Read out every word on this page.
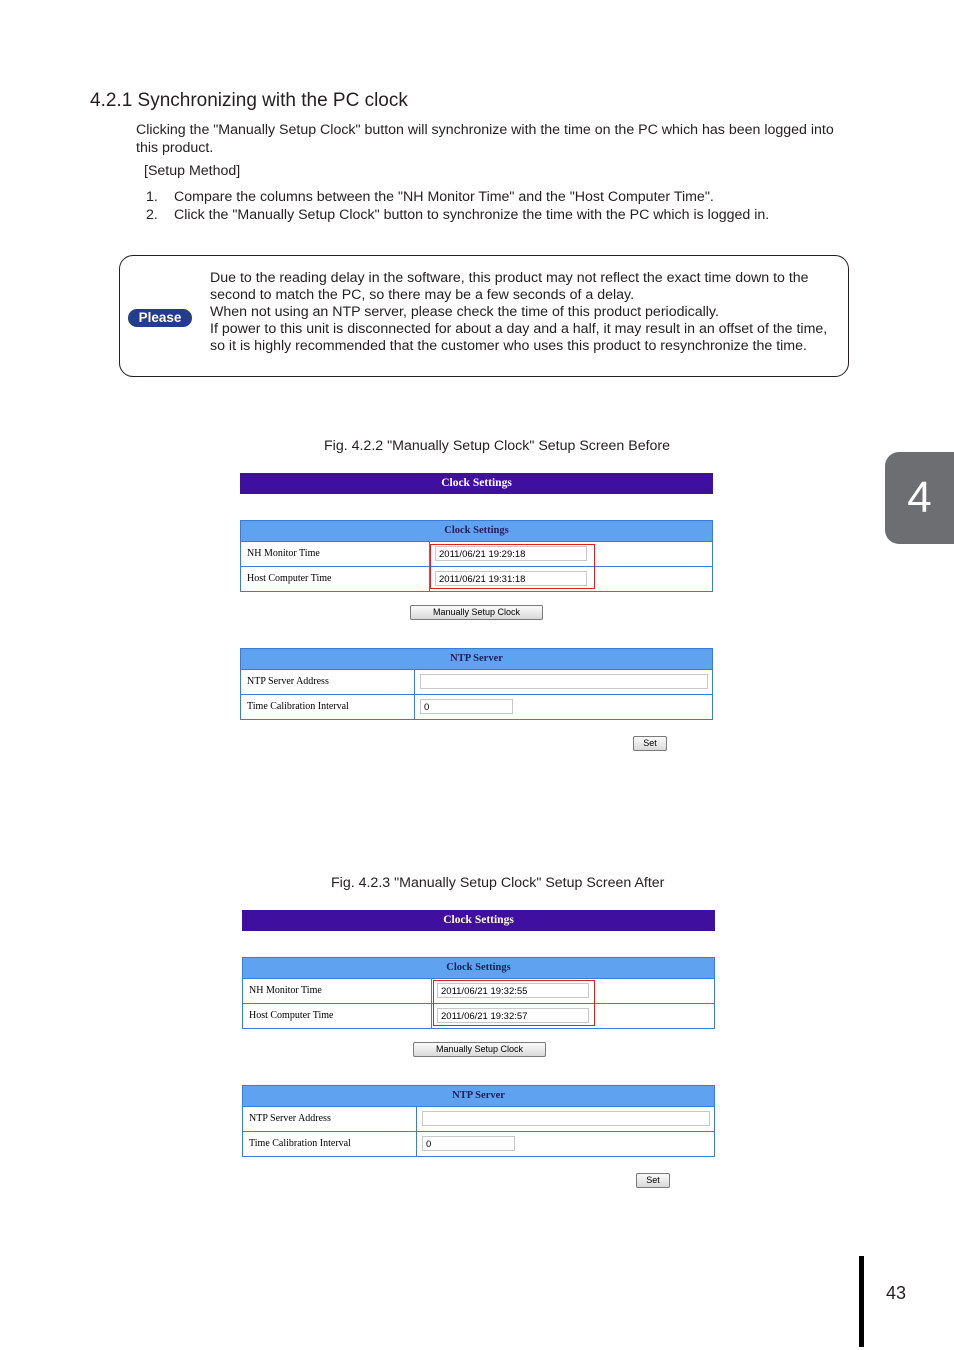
4.2.1 Synchronizing with the PC clock
Clicking the "Manually Setup Clock" button will synchronize with the time on the PC which has been logged into
this product.
[Setup Method]
1. Compare the columns between the "NH Monitor Time" and the "Host Computer Time".
2. Click the "Manually Setup Clock" button to synchronize the time with the PC which is logged in.
Please
Due to the reading delay in the software, this product may not reflect the exact time down to the
second to match the PC, so there may be a few seconds of a delay.
When not using an NTP server, please check the time of this product periodically.
If power to this unit is disconnected for about a day and a half, it may result in an offset of the time,
so it is highly recommended that the customer who uses this product to resynchronize the time.
Fig. 4.2.2 "Manually Setup Clock" Setup Screen Before
Clock Settings
Clock Settings
NH Monitor Time	2011/06/21 19:29:18
Host Computer Time	2011/06/21 19:31:18
Manually Setup Clock
NTP Server
NTP Server Address
Time Calibration Interval	0
Set
Fig. 4.2.3 "Manually Setup Clock" Setup Screen After
Clock Settings
Clock Settings
NH Monitor Time	2011/06/21 19:32:55
Host Computer Time	2011/06/21 19:32:57
Manually Setup Clock
NTP Server
NTP Server Address
Time Calibration Interval	0
Set
4
43
